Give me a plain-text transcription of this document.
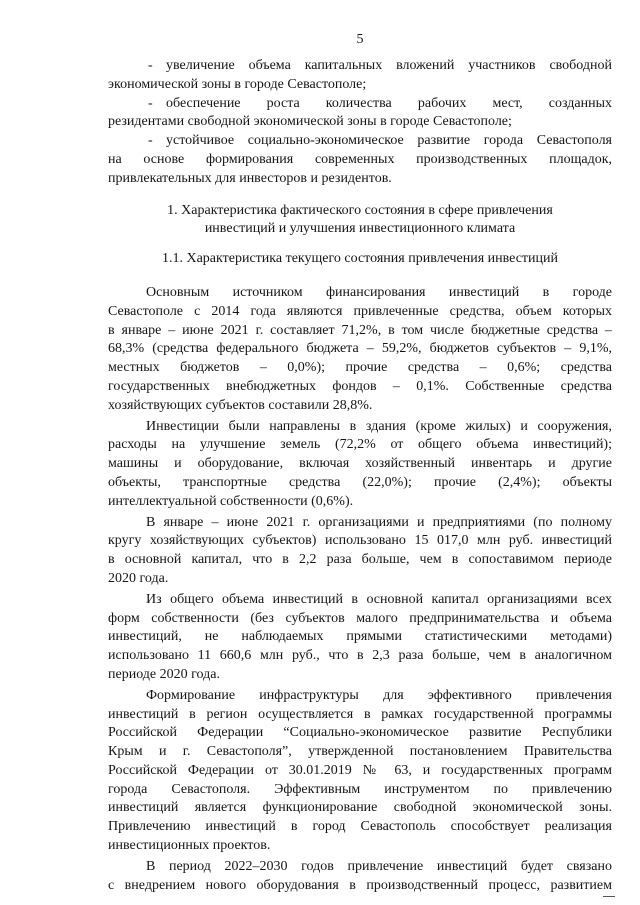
5
- увеличение объема капитальных вложений участников свободной
экономической зоны в городе Севастополе;
- обеспечение роста количества рабочих мест, созданных
резидентами свободной экономической зоны в городе Севастополе;
- устойчивое социально-экономическое развитие города Севастополя
на основе формирования современных производственных площадок,
привлекательных для инвесторов и резидентов.
1. Характеристика фактического состояния в сфере привлечения
инвестиций и улучшения инвестиционного климата
1.1. Характеристика текущего состояния привлечения инвестиций
Основным источником финансирования инвестиций в городе
Севастополе с 2014 года являются привлеченные средства, объем которых
в январе – июне 2021 г. составляет 71,2%, в том числе бюджетные средства –
68,3% (средства федерального бюджета – 59,2%, бюджетов субъектов – 9,1%,
местных бюджетов – 0,0%); прочие средства – 0,6%; средства
государственных внебюджетных фондов – 0,1%. Собственные средства
хозяйствующих субъектов составили 28,8%.
Инвестиции были направлены в здания (кроме жилых) и сооружения,
расходы на улучшение земель (72,2% от общего объема инвестиций);
машины и оборудование, включая хозяйственный инвентарь и другие
объекты, транспортные средства (22,0%); прочие (2,4%); объекты
интеллектуальной собственности (0,6%).
В январе – июне 2021 г. организациями и предприятиями (по полному
кругу хозяйствующих субъектов) использовано 15 017,0 млн руб. инвестиций
в основной капитал, что в 2,2 раза больше, чем в сопоставимом периоде
2020 года.
Из общего объема инвестиций в основной капитал организациями всех
форм собственности (без субъектов малого предпринимательства и объема
инвестиций, не наблюдаемых прямыми статистическими методами)
использовано 11 660,6 млн руб., что в 2,3 раза больше, чем в аналогичном
периоде 2020 года.
Формирование инфраструктуры для эффективного привлечения
инвестиций в регион осуществляется в рамках государственной программы
Российской Федерации “Социально-экономическое развитие Республики
Крым и г. Севастополя”, утвержденной постановлением Правительства
Российской Федерации от 30.01.2019 № 63, и государственных программ
города Севастополя. Эффективным инструментом по привлечению
инвестиций является функционирование свободной экономической зоны.
Привлечению инвестиций в город Севастополь способствует реализация
инвестиционных проектов.
В период 2022–2030 годов привлечение инвестиций будет связано
с внедрением нового оборудования в производственный процесс, развитием
